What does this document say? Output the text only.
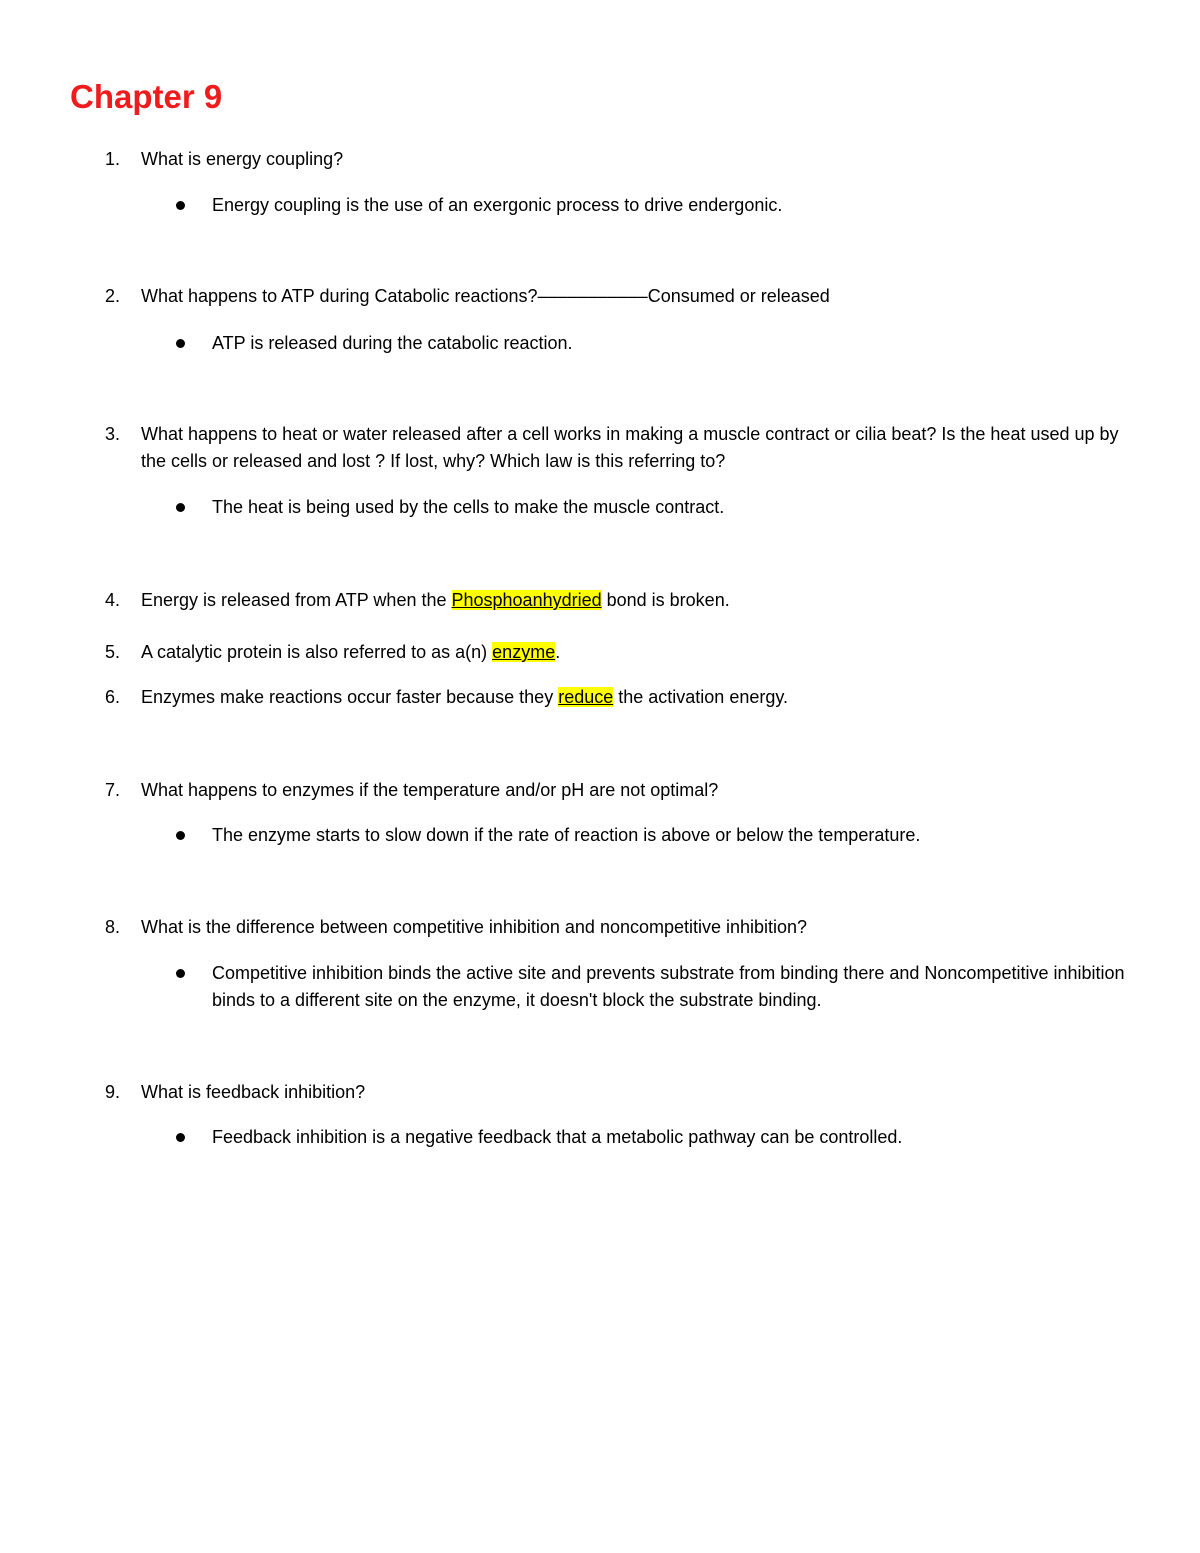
Chapter 9
1.	What is energy coupling?
Energy coupling is the use of an exergonic process to drive endergonic.
2.	What happens to ATP during Catabolic reactions?–––––––––––Consumed or released
ATP is released during the catabolic reaction.
3.	What happens to heat or water released after a cell works in making a muscle contract or cilia beat? Is the heat used up by the cells or released and lost ? If lost, why? Which law is this referring to?
The heat is being used by the cells to make the muscle contract.
4.	Energy is released from ATP when the Phosphoanhydried bond is broken.
5.	A catalytic protein is also referred to as a(n) enzyme.
6.	Enzymes make reactions occur faster because they reduce the activation energy.
7.	What happens to enzymes if the temperature and/or pH are not optimal?
The enzyme starts to slow down if the rate of reaction is above or below the temperature.
8.	What is the difference between competitive inhibition and noncompetitive inhibition?
Competitive inhibition binds the active site and prevents substrate from binding there and Noncompetitive inhibition binds to a different site on the enzyme, it doesn't block the substrate binding.
9.	What is feedback inhibition?
Feedback inhibition is a negative feedback that a metabolic pathway can be controlled.
